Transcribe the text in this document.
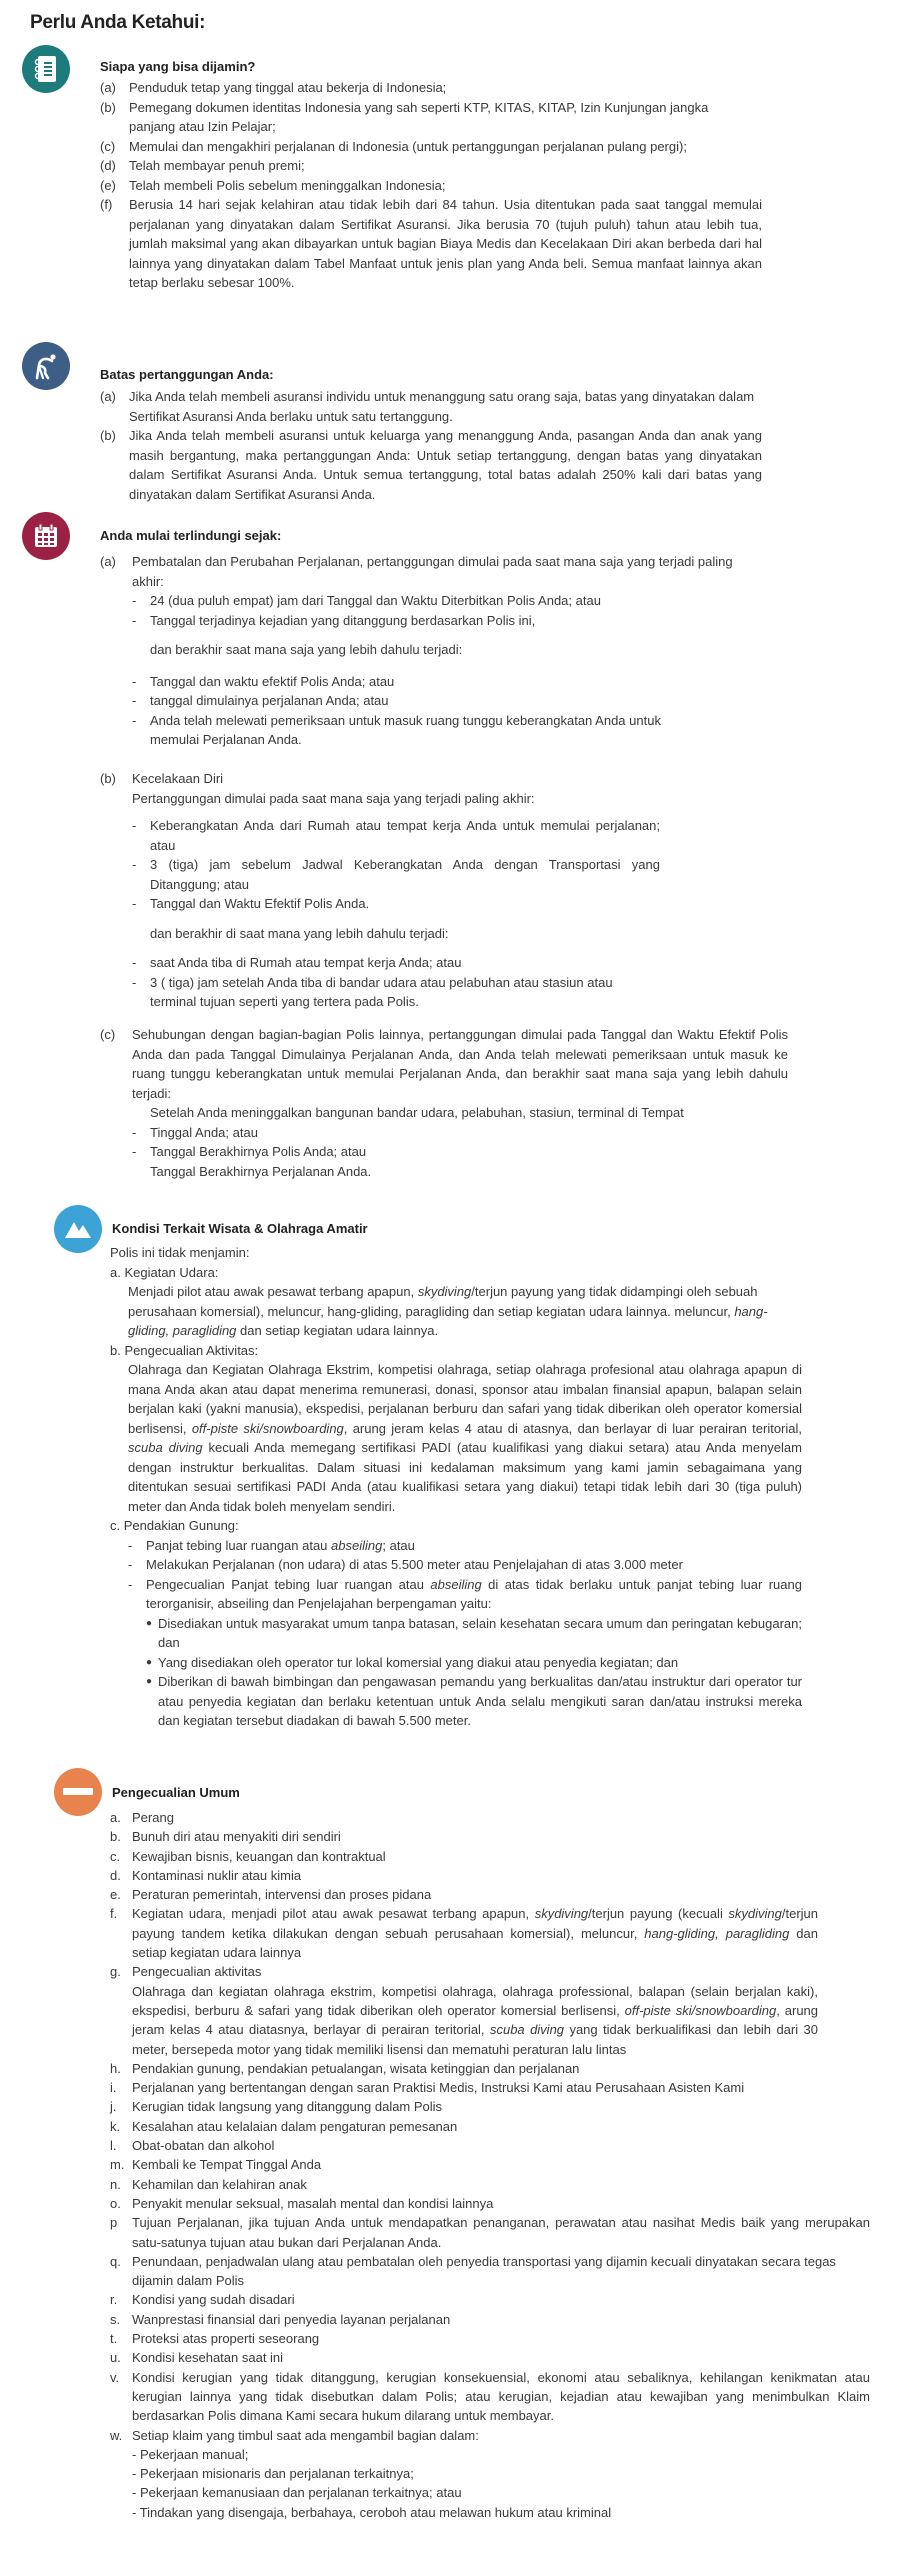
Perlu Anda Ketahui:
Siapa yang bisa dijamin?
(a)	Penduduk tetap yang tinggal atau bekerja di Indonesia;
(b)	Pemegang dokumen identitas Indonesia yang sah seperti KTP, KITAS, KITAP, Izin Kunjungan jangka panjang atau Izin Pelajar;
(c)	Memulai dan mengakhiri perjalanan di Indonesia (untuk pertanggungan perjalanan pulang pergi);
(d)	Telah membayar penuh premi;
(e)	Telah membeli Polis sebelum meninggalkan Indonesia;
(f)	Berusia 14 hari sejak kelahiran atau tidak lebih dari 84 tahun. Usia ditentukan pada saat tanggal memulai perjalanan yang dinyatakan dalam Sertifikat Asuransi. Jika berusia 70 (tujuh puluh) tahun atau lebih tua, jumlah maksimal yang akan dibayarkan untuk bagian Biaya Medis dan Kecelakaan Diri akan berbeda dari hal lainnya yang dinyatakan dalam Tabel Manfaat untuk jenis plan yang Anda beli. Semua manfaat lainnya akan tetap berlaku sebesar 100%.
Batas pertanggungan Anda:
(a)	Jika Anda telah membeli asuransi individu untuk menanggung satu orang saja, batas yang dinyatakan dalam Sertifikat Asuransi Anda berlaku untuk satu tertanggung.
(b)	Jika Anda telah membeli asuransi untuk keluarga yang menanggung Anda, pasangan Anda dan anak yang masih bergantung, maka pertanggungan Anda: Untuk setiap tertanggung, dengan batas yang dinyatakan dalam Sertifikat Asuransi Anda. Untuk semua tertanggung, total batas adalah 250% kali dari batas yang dinyatakan dalam Sertifikat Asuransi Anda.
Anda mulai terlindungi sejak:
(a)	Pembatalan dan Perubahan Perjalanan, pertanggungan dimulai pada saat mana saja yang terjadi paling akhir:
-	24 (dua puluh empat) jam dari Tanggal dan Waktu Diterbitkan Polis Anda; atau
-	Tanggal terjadinya kejadian yang ditanggung berdasarkan Polis ini,
dan berakhir saat mana saja yang lebih dahulu terjadi:
-	Tanggal dan waktu efektif Polis Anda; atau
-	tanggal dimulainya perjalanan Anda; atau
-	Anda telah melewati pemeriksaan untuk masuk ruang tunggu keberangkatan Anda untuk memulai Perjalanan Anda.
(b)	Kecelakaan Diri
Pertanggungan dimulai pada saat mana saja yang terjadi paling akhir:
-	Keberangkatan Anda dari Rumah atau tempat kerja Anda untuk memulai perjalanan; atau
-	3 (tiga) jam sebelum Jadwal Keberangkatan Anda dengan Transportasi yang Ditanggung; atau
-	Tanggal dan Waktu Efektif Polis Anda.
dan berakhir di saat mana yang lebih dahulu terjadi:
-	saat Anda tiba di Rumah atau tempat kerja Anda; atau
-	3 ( tiga) jam setelah Anda tiba di bandar udara atau pelabuhan atau stasiun atau terminal tujuan seperti yang tertera pada Polis.
(c)	Sehubungan dengan bagian-bagian Polis lainnya, pertanggungan dimulai pada Tanggal dan Waktu Efektif Polis Anda dan pada Tanggal Dimulainya Perjalanan Anda, dan Anda telah melewati pemeriksaan untuk masuk ke ruang tunggu keberangkatan untuk memulai Perjalanan Anda, dan berakhir saat mana saja yang lebih dahulu terjadi:
Setelah Anda meninggalkan bangunan bandar udara, pelabuhan, stasiun, terminal di Tempat
-	Tinggal Anda; atau
-	Tanggal Berakhirnya Polis Anda; atau
Tanggal Berakhirnya Perjalanan Anda.
Kondisi Terkait Wisata & Olahraga Amatir
Polis ini tidak menjamin:
a. Kegiatan Udara:
Menjadi pilot atau awak pesawat terbang apapun, skydiving/terjun payung yang tidak didampingi oleh sebuah perusahaan komersial), meluncur, hang-gliding, paragliding dan setiap kegiatan udara lainnya. meluncur, hang-gliding, paragliding dan setiap kegiatan udara lainnya.
b. Pengecualian Aktivitas:
Olahraga dan Kegiatan Olahraga Ekstrim, kompetisi olahraga, setiap olahraga profesional atau olahraga apapun di mana Anda akan atau dapat menerima remunerasi, donasi, sponsor atau imbalan finansial apapun, balapan selain berjalan kaki (yakni manusia), ekspedisi, perjalanan berburu dan safari yang tidak diberikan oleh operator komersial berlisensi, off-piste ski/snowboarding, arung jeram kelas 4 atau di atasnya, dan berlayar di luar perairan teritorial, scuba diving kecuali Anda memegang sertifikasi PADI (atau kualifikasi yang diakui setara) atau Anda menyelam dengan instruktur berkualitas. Dalam situasi ini kedalaman maksimum yang kami jamin sebagaimana yang ditentukan sesuai sertifikasi PADI Anda (atau kualifikasi setara yang diakui) tetapi tidak lebih dari 30 (tiga puluh) meter dan Anda tidak boleh menyelam sendiri.
c. Pendakian Gunung:
-	Panjat tebing luar ruangan atau abseiling; atau
-	Melakukan Perjalanan (non udara) di atas 5.500 meter atau Penjelajahan di atas 3.000 meter
-	Pengecualian Panjat tebing luar ruangan atau abseiling di atas tidak berlaku untuk panjat tebing luar ruang terorganisir, abseiling dan Penjelajahan berpengaman yaitu:
● Disediakan untuk masyarakat umum tanpa batasan, selain kesehatan secara umum dan peringatan kebugaran; dan
● Yang disediakan oleh operator tur lokal komersial yang diakui atau penyedia kegiatan; dan
● Diberikan di bawah bimbingan dan pengawasan pemandu yang berkualitas dan/atau instruktur dari operator tur atau penyedia kegiatan dan berlaku ketentuan untuk Anda selalu mengikuti saran dan/atau instruksi mereka dan kegiatan tersebut diadakan di bawah 5.500 meter.
Pengecualian Umum
a. Perang
b. Bunuh diri atau menyakiti diri sendiri
c. Kewajiban bisnis, keuangan dan kontraktual
d. Kontaminasi nuklir atau kimia
e. Peraturan pemerintah, intervensi dan proses pidana
f.	Kegiatan udara, menjadi pilot atau awak pesawat terbang apapun, skydiving/terjun payung (kecuali skydiving/terjun payung tandem ketika dilakukan dengan sebuah perusahaan komersial), meluncur, hang-gliding, paragliding dan setiap kegiatan udara lainnya
g. Pengecualian aktivitas
Olahraga dan kegiatan olahraga ekstrim, kompetisi olahraga, olahraga professional, balapan (selain berjalan kaki), ekspedisi, berburu & safari yang tidak diberikan oleh operator komersial berlisensi, off-piste ski/snowboarding, arung jeram kelas 4 atau diatasnya, berlayar di perairan teritorial, scuba diving yang tidak berkualifikasi dan lebih dari 30 meter, bersepeda motor yang tidak memiliki lisensi dan mematuhi peraturan lalu lintas
h. Pendakian gunung, pendakian petualangan, wisata ketinggian dan perjalanan
i.	Perjalanan yang bertentangan dengan saran Praktisi Medis, Instruksi Kami atau Perusahaan Asisten Kami
j.	Kerugian tidak langsung yang ditanggung dalam Polis
k. Kesalahan atau kelalaian dalam pengaturan pemesanan
l.	Obat-obatan dan alkohol
m. Kembali ke Tempat Tinggal Anda
n. Kehamilan dan kelahiran anak
o. Penyakit menular seksual, masalah mental dan kondisi lainnya
p	Tujuan Perjalanan, jika tujuan Anda untuk mendapatkan penanganan, perawatan atau nasihat Medis baik yang merupakan satu-satunya tujuan atau bukan dari Perjalanan Anda.
q. Penundaan, penjadwalan ulang atau pembatalan oleh penyedia transportasi yang dijamin kecuali dinyatakan secara tegas dijamin dalam Polis
r.	Kondisi yang sudah disadari
s. Wanprestasi finansial dari penyedia layanan perjalanan
t.	Proteksi atas properti seseorang
u. Kondisi kesehatan saat ini
v. Kondisi kerugian yang tidak ditanggung, kerugian konsekuensial, ekonomi atau sebaliknya, kehilangan kenikmatan atau kerugian lainnya yang tidak disebutkan dalam Polis; atau kerugian, kejadian atau kewajiban yang menimbulkan Klaim berdasarkan Polis dimana Kami secara hukum dilarang untuk membayar.
w. Setiap klaim yang timbul saat ada mengambil bagian dalam:
- Pekerjaan manual;
- Pekerjaan misionaris dan perjalanan terkaitnya;
- Pekerjaan kemanusiaan dan perjalanan terkaitnya; atau
- Tindakan yang disengaja, berbahaya, ceroboh atau melawan hukum atau kriminal
